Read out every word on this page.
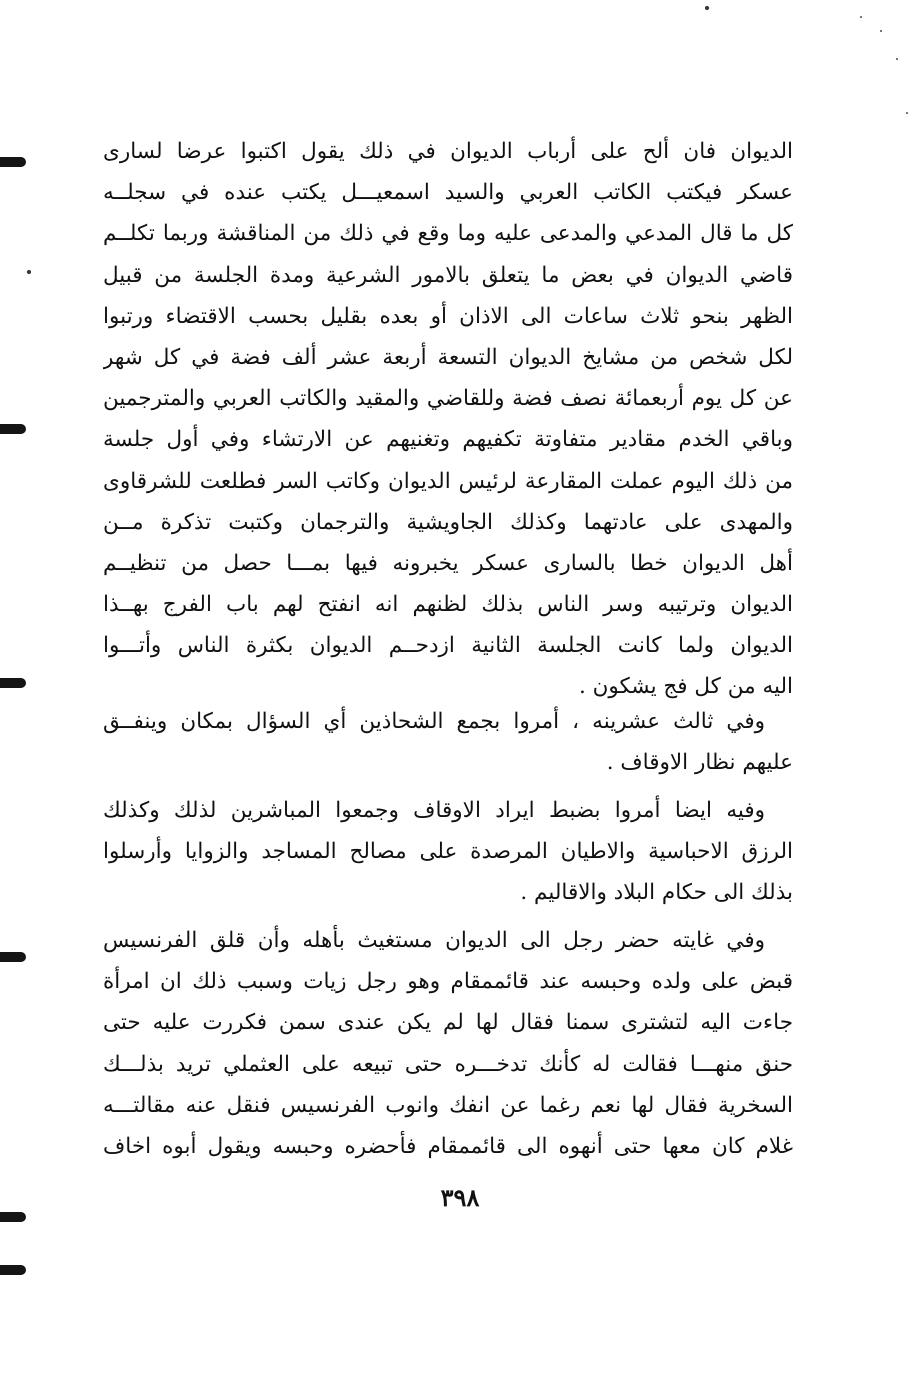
الديوان فان ألح على أرباب الديوان في ذلك يقول اكتبوا عرضا لسارى
عسكر فيكتب الكاتب العربي والسيد اسمعيـــل يكتب عنده في سجلــه
كل ما قال المدعي والمدعى عليه وما وقع في ذلك من المناقشة وربما تكلــم
قاضي الديوان في بعض ما يتعلق بالامور الشرعية ومدة الجلسة من قبيل
الظهر بنحو ثلاث ساعات الى الاذان أو بعده بقليل بحسب الاقتضاء ورتبوا
لكل شخص من مشايخ الديوان التسعة أربعة عشر ألف فضة في كل شهر
عن كل يوم أربعمائة نصف فضة وللقاضي والمقيد والكاتب العربي والمترجمين
وباقي الخدم مقادير متفاوتة تكفيهم وتغنيهم عن الارتشاء وفي أول جلسة
من ذلك اليوم عملت المقارعة لرئيس الديوان وكاتب السر فطلعت للشرقاوى
والمهدى على عادتهما وكذلك الجاويشية والترجمان وكتبت تذكرة مــن
أهل الديوان خطا بالسارى عسكر يخبرونه فيها بمـــا حصل من تنظيــم
الديوان وترتيبه وسر الناس بذلك لظنهم انه انفتح لهم باب الفرج بهــذا
الديوان ولما كانت الجلسة الثانية ازدحــم الديوان بكثرة الناس وأتـــوا
اليه من كل فج يشكون .
وفي ثالث عشرينه ، أمروا بجمع الشحاذين أي السؤال بمكان وينفــق
عليهم نظار الاوقاف .
وفيه ايضا أمروا بضبط ايراد الاوقاف وجمعوا المباشرين لذلك وكذلك
الرزق الاحباسية والاطيان المرصدة على مصالح المساجد والزوايا وأرسلوا
بذلك الى حكام البلاد والاقاليم .
وفي غايته حضر رجل الى الديوان مستغيث بأهله وأن قلق الفرنسيس
قبض على ولده وحبسه عند قائممقام وهو رجل زيات وسبب ذلك ان امرأة
جاءت اليه لتشترى سمنا فقال لها لم يكن عندى سمن فكررت عليه حتى
حنق منهـــا فقالت له كأنك تدخـــره حتى تبيعه على العثملي تريد بذلـــك
السخرية فقال لها نعم رغما عن انفك وانوب الفرنسيس فنقل عنه مقالتـــه
غلام كان معها حتى أنهوه الى قائممقام فأحضره وحبسه ويقول أبوه اخاف
٣٩٨
